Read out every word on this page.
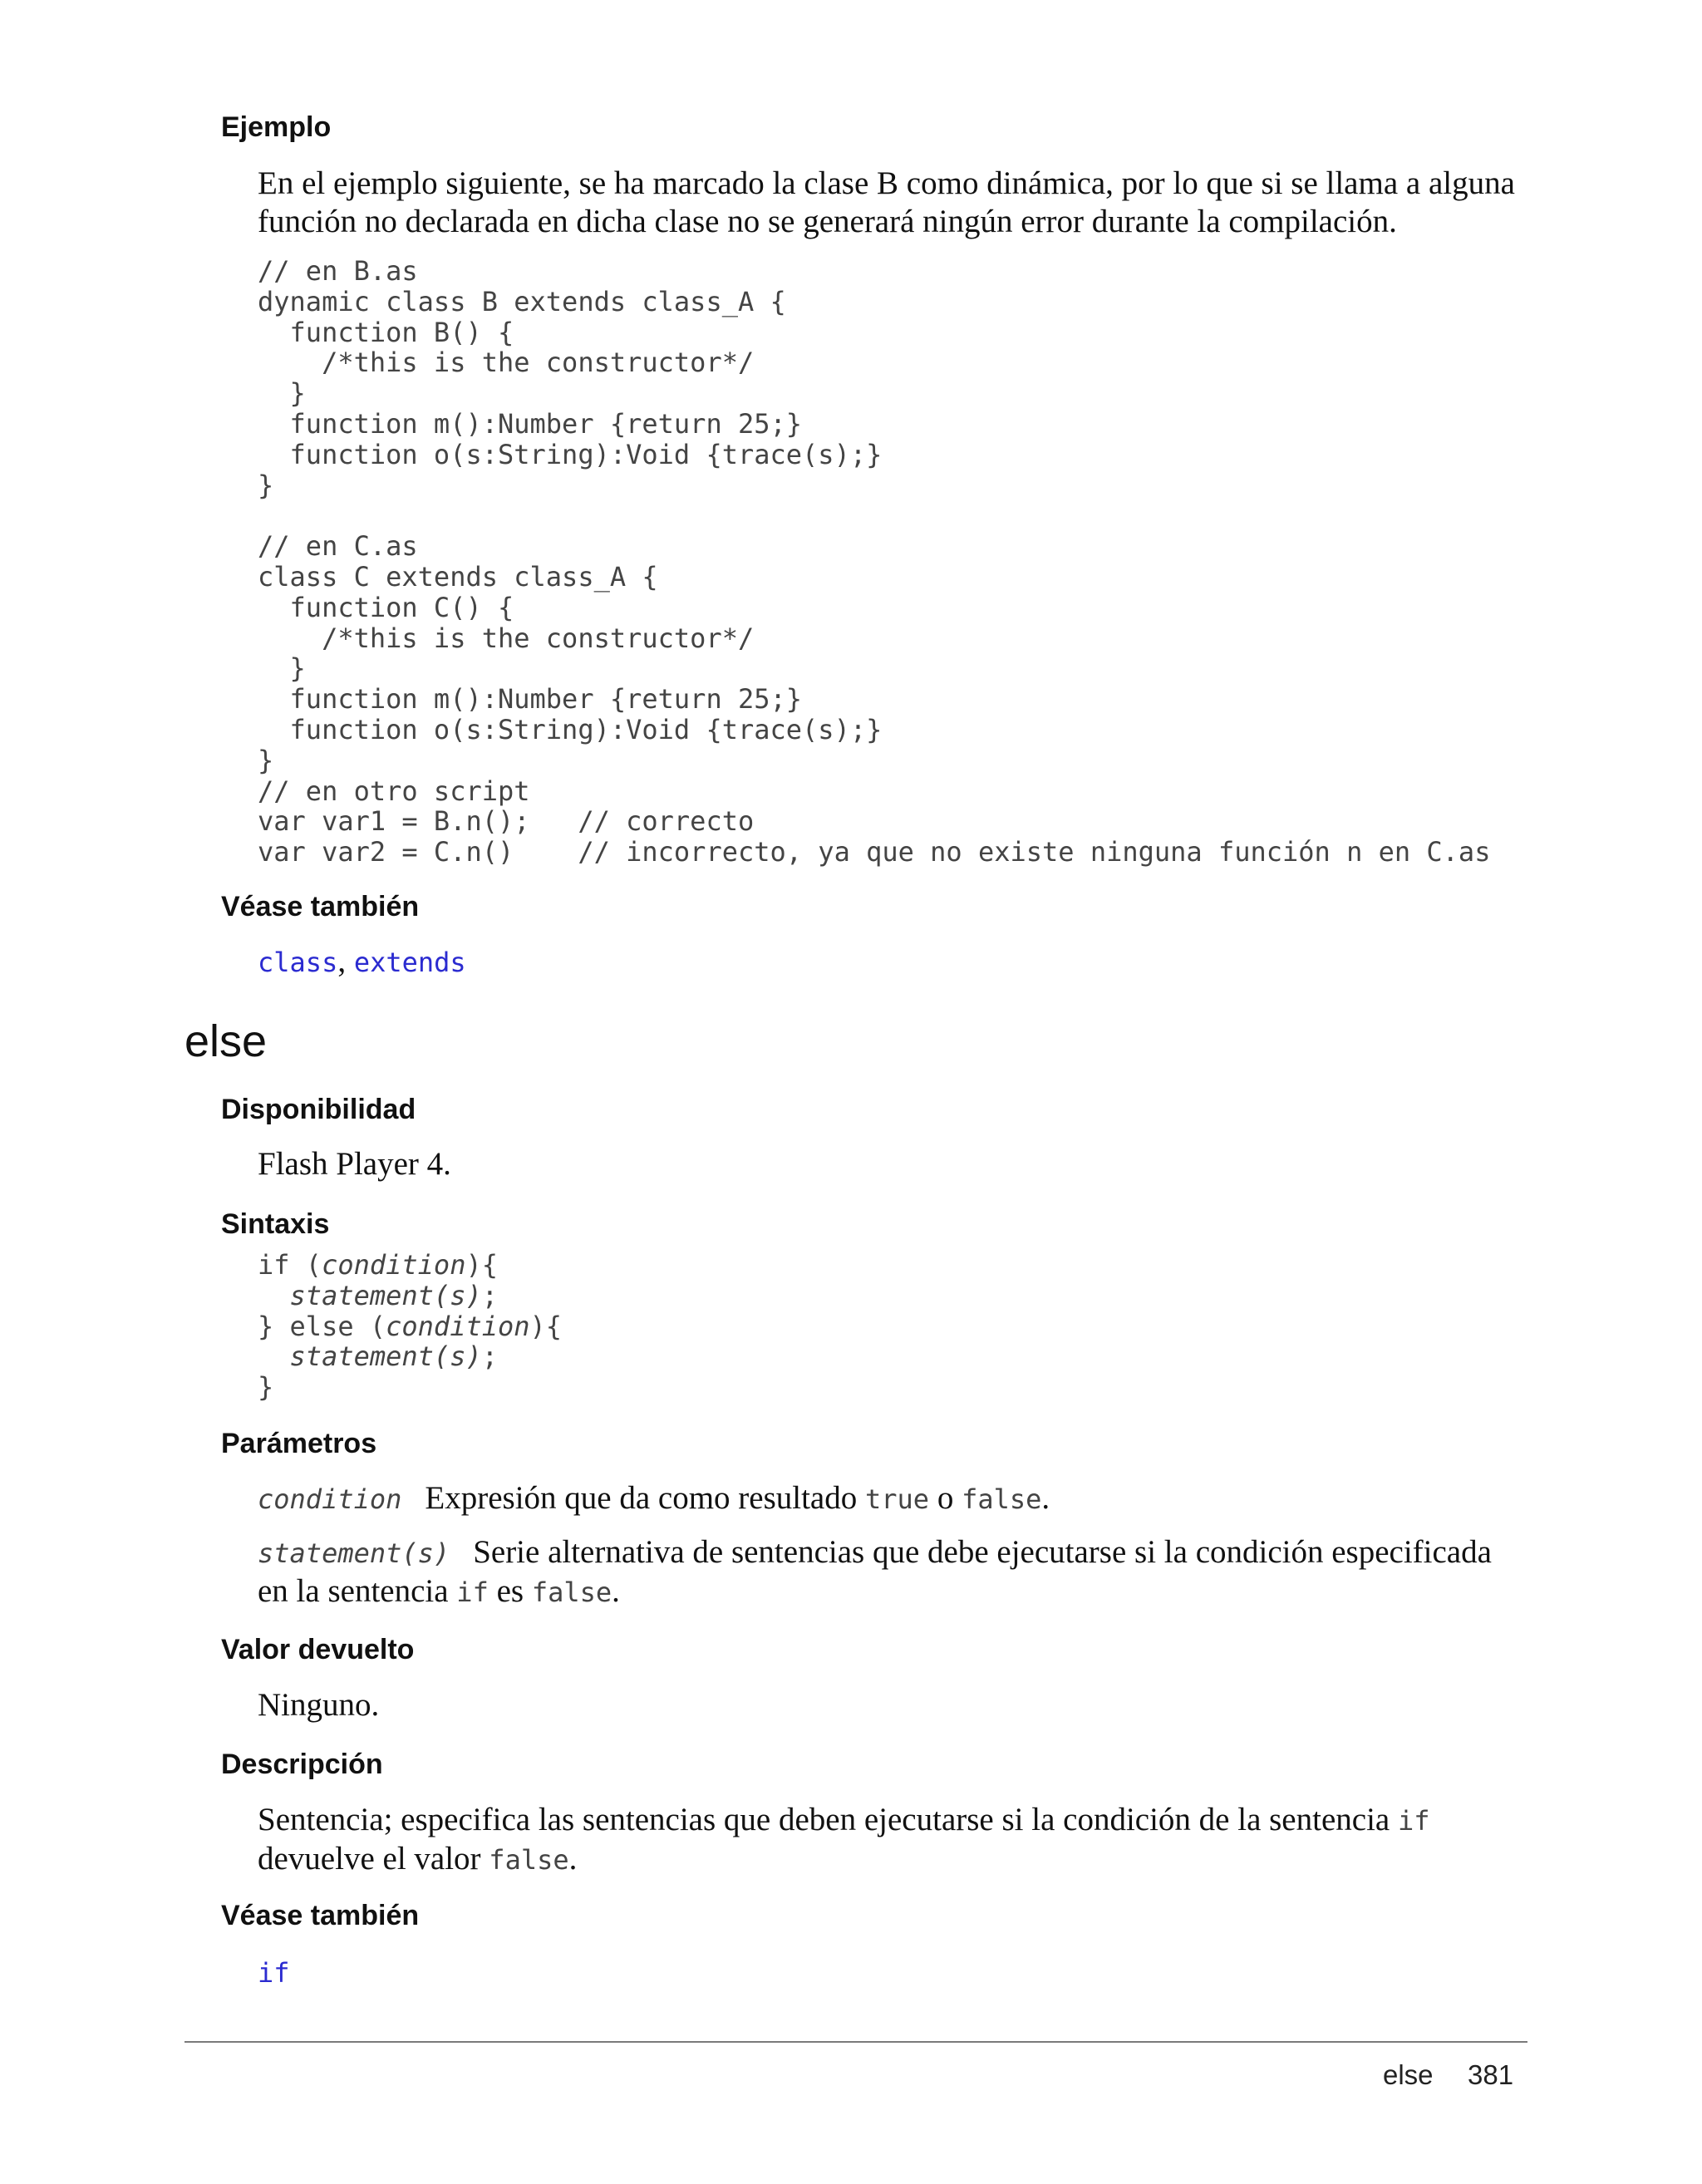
Ejemplo

En el ejemplo siguiente, se ha marcado la clase B como dinámica, por lo que si se llama a alguna función no declarada en dicha clase no se generará ningún error durante la compilación.

// en B.as
dynamic class B extends class_A {
function B() {
/*this is the constructor*/
}
function m():Number {return 25;}
function o(s:String):Void {trace(s);}
}

// en C.as
class C extends class_A {
function C() {
/*this is the constructor*/
}
function m():Number {return 25;}
function o(s:String):Void {trace(s);}
}
// en otro script
var var1 = B.n();   // correcto
var var2 = C.n()    // incorrecto, ya que no existe ninguna función n en C.as
Véase también

class, extends

else
Disponibilidad

Flash Player 4.

Sintaxis
if (condition){
statement(s);
} else (condition){
statement(s);
}
Parámetros

condition Expresión que da como resultado true o false.

statement(s) Serie alternativa de sentencias que debe ejecutarse si la condición especificada en la sentencia if es false.

Valor devuelto

Ninguno.

Descripción

Sentencia; especifica las sentencias que deben ejecutarse si la condición de la sentencia if devuelve el valor false.

Véase también

if

else 381
